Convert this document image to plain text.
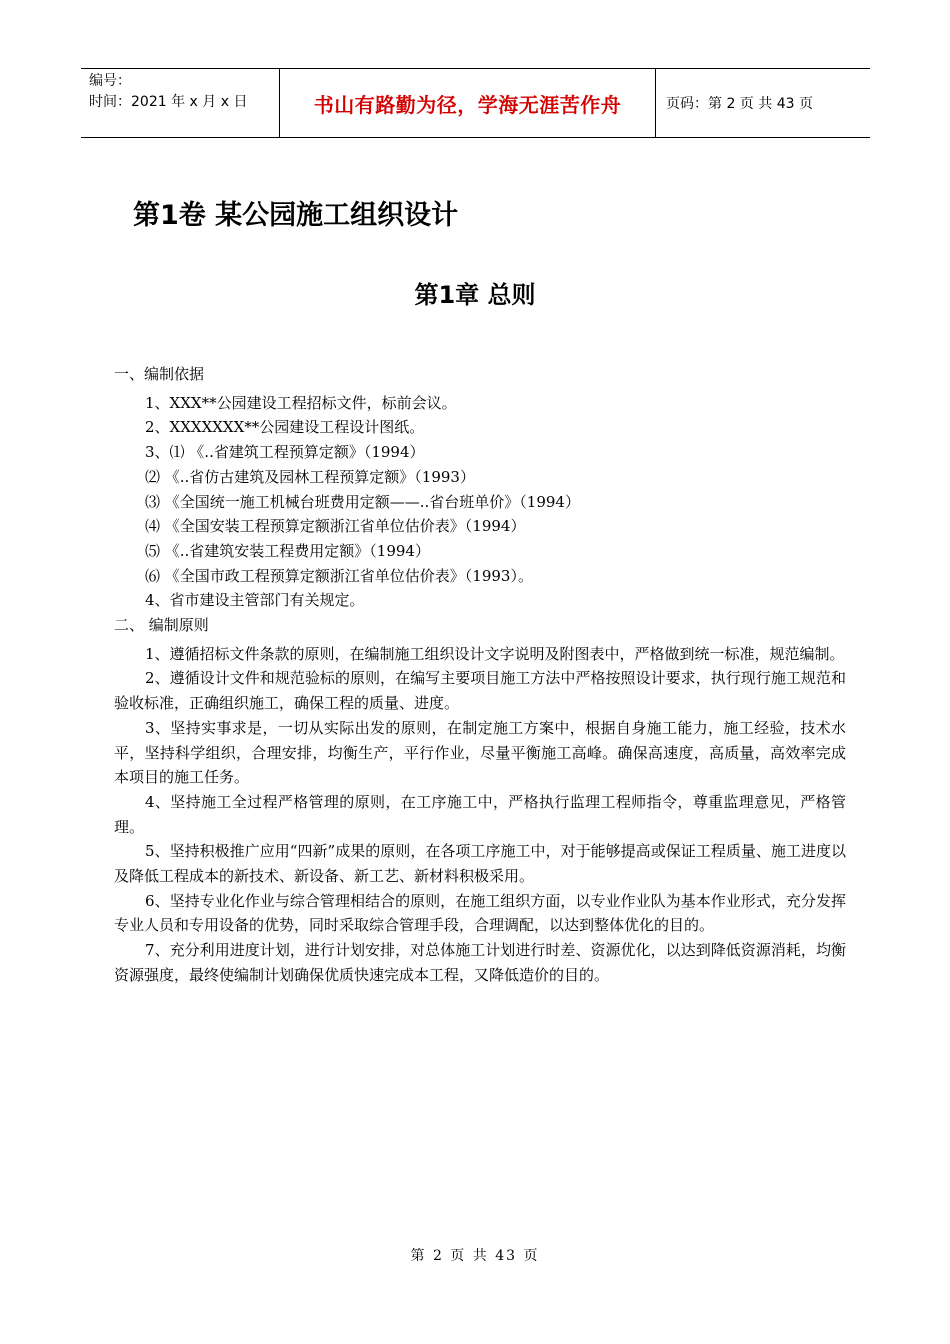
编号：
时间：2021 年 x 月 x 日	书山有路勤为径，学海无涯苦作舟	页码：第 2 页 共 43 页
第1卷 某公园施工组织设计
第1章 总则
一、编制依据
1、XXX**公园建设工程招标文件，标前会议。
2、XXXXXXX**公园建设工程设计图纸。
3、⑴ 《..省建筑工程预算定额》（1994）
⑵ 《..省仿古建筑及园林工程预算定额》（1993）
⑶ 《全国统一施工机械台班费用定额——..省台班单价》（1994）
⑷ 《全国安装工程预算定额浙江省单位估价表》（1994）
⑸ 《..省建筑安装工程费用定额》（1994）
⑹ 《全国市政工程预算定额浙江省单位估价表》（1993）。
4、省市建设主管部门有关规定。
二、 编制原则
1、遵循招标文件条款的原则，在编制施工组织设计文字说明及附图表中，严格做到统一标准，规范编制。
2、遵循设计文件和规范验标的原则，在编写主要项目施工方法中严格按照设计要求，执行现行施工规范和验收标准，正确组织施工，确保工程的质量、进度。
3、坚持实事求是，一切从实际出发的原则，在制定施工方案中，根据自身施工能力，施工经验，技术水平，坚持科学组织，合理安排，均衡生产，平行作业，尽量平衡施工高峰。确保高速度，高质量，高效率完成本项目的施工任务。
4、坚持施工全过程严格管理的原则，在工序施工中，严格执行监理工程师指令，尊重监理意见，严格管理。
5、坚持积极推广应用“四新”成果的原则，在各项工序施工中，对于能够提高或保证工程质量、施工进度以及降低工程成本的新技术、新设备、新工艺、新材料积极采用。
6、坚持专业化作业与综合管理相结合的原则，在施工组织方面，以专业作业队为基本作业形式，充分发挥专业人员和专用设备的优势，同时采取综合管理手段，合理调配，以达到整体优化的目的。
7、充分利用进度计划，进行计划安排，对总体施工计划进行时差、资源优化，以达到降低资源消耗，均衡资源强度，最终使编制计划确保优质快速完成本工程，又降低造价的目的。
第 2 页 共 43 页
